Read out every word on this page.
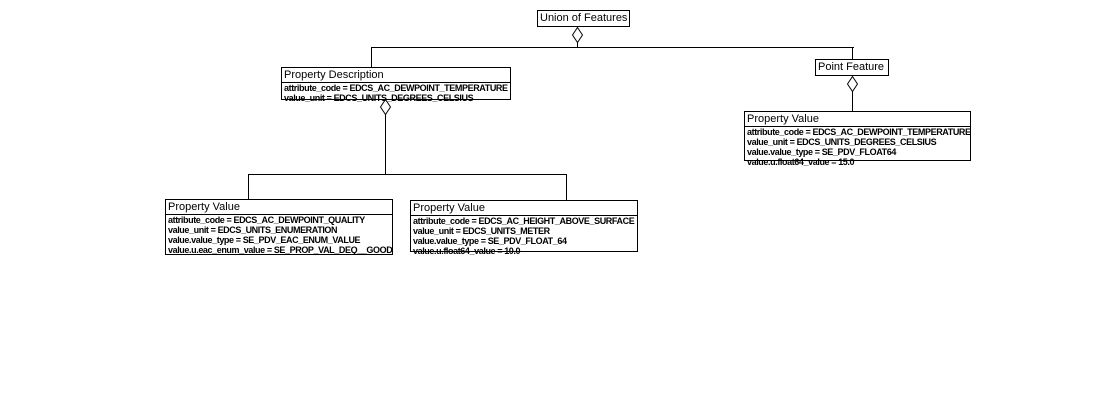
Union of Features
Property Description
attribute_code = EDCS_AC_DEWPOINT_TEMPERATURE
value_unit = EDCS_UNITS_DEGREES_CELSIUS
Point Feature
Property Value
attribute_code = EDCS_AC_DEWPOINT_QUALITY
value_unit = EDCS_UNITS_ENUMERATION
value.value_type = SE_PDV_EAC_ENUM_VALUE
value.u.eac_enum_value = SE_PROP_VAL_DEQ__GOOD
Property Value
attribute_code = EDCS_AC_HEIGHT_ABOVE_SURFACE
value_unit = EDCS_UNITS_METER
value.value_type = SE_PDV_FLOAT_64
value.u.float64_value = 10.0
Property Value
attribute_code = EDCS_AC_DEWPOINT_TEMPERATURE
value_unit = EDCS_UNITS_DEGREES_CELSIUS
value.value_type = SE_PDV_FLOAT64
value.u.float64_value = 15.0
